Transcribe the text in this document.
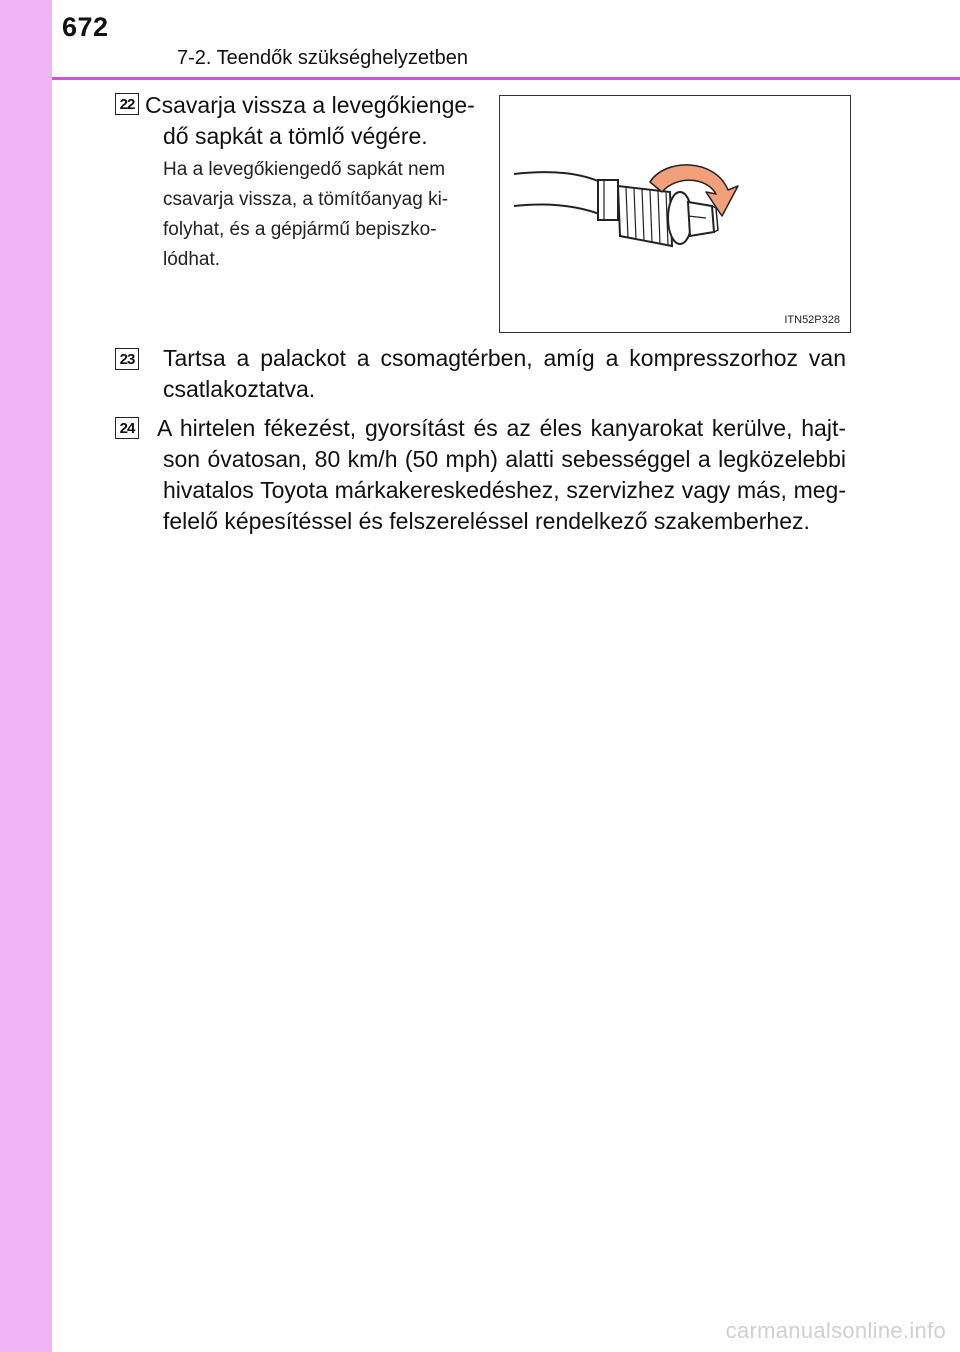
672
7-2. Teendők szükséghelyzetben
22 Csavarja vissza a levegőkienge-
dő sapkát a tömlő végére.
Ha a levegőkiengedő sapkát nem
csavarja vissza, a tömítőanyag ki-
folyhat, és a gépjármű bepiszko-
lódhat.
ITN52P328
23 Tartsa a palackot a csomagtérben, amíg a kompresszorhoz van
csatlakoztatva.
24 A hirtelen fékezést, gyorsítást és az éles kanyarokat kerülve, hajt-
son óvatosan, 80 km/h (50 mph) alatti sebességgel a legközelebbi
hivatalos Toyota márkakereskedéshez, szervizhez vagy más, meg-
felelő képesítéssel és felszereléssel rendelkező szakemberhez.
carmanualsonline.info
